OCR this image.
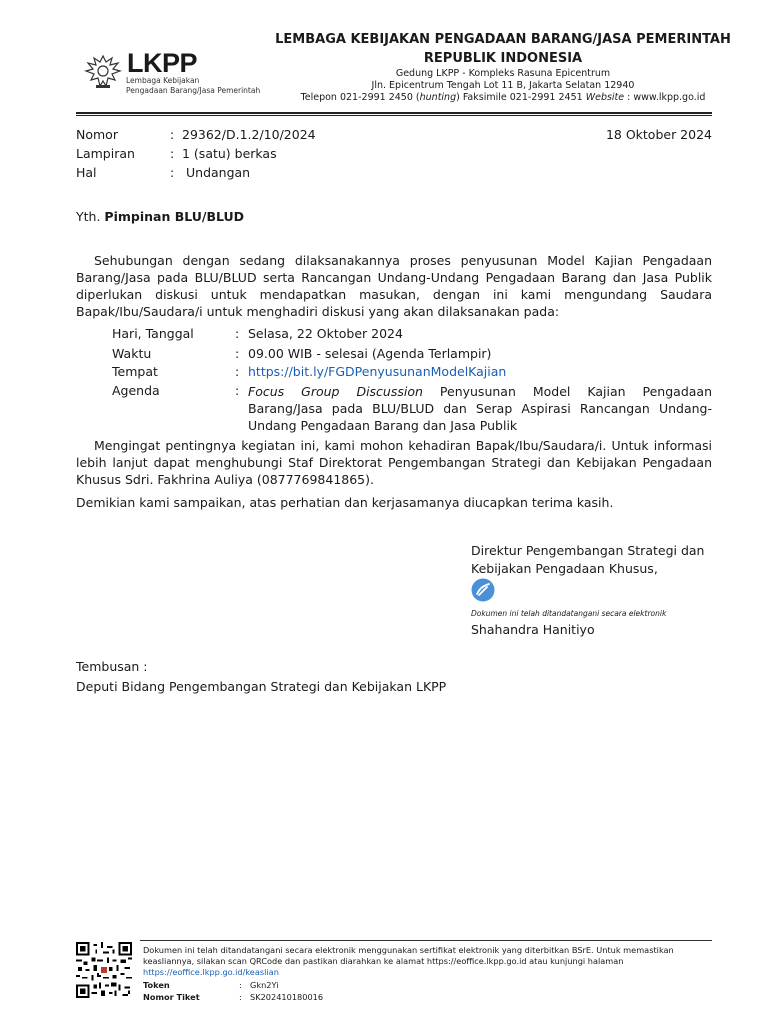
LKPP
Lembaga Kebijakan
Pengadaan Barang/Jasa Pemerintah
LEMBAGA KEBIJAKAN PENGADAAN BARANG/JASA PEMERINTAH
REPUBLIK INDONESIA
Gedung LKPP - Kompleks Rasuna Epicentrum
Jln. Epicentrum Tengah Lot 11 B, Jakarta Selatan 12940
Telepon 021-2991 2450 (hunting) Faksimile 021-2991 2451 Website : www.lkpp.go.id
Nomor	: 29362/D.1.2/10/2024	18 Oktober 2024
Lampiran	: 1 (satu) berkas
Hal	: Undangan
Yth. Pimpinan BLU/BLUD

Sehubungan dengan sedang dilaksanakannya proses penyusunan Model Kajian Pengadaan Barang/Jasa pada BLU/BLUD serta Rancangan Undang-Undang Pengadaan Barang dan Jasa Publik diperlukan diskusi untuk mendapatkan masukan, dengan ini kami mengundang Saudara Bapak/Ibu/Saudara/i untuk menghadiri diskusi yang akan dilaksanakan pada:

Hari, Tanggal	: Selasa, 22 Oktober 2024
Waktu	: 09.00 WIB - selesai (Agenda Terlampir)
Tempat	: https://bit.ly/FGDPenyusunanModelKajian
Agenda	: Focus Group Discussion Penyusunan Model Kajian Pengadaan Barang/Jasa pada BLU/BLUD dan Serap Aspirasi Rancangan Undang-Undang Pengadaan Barang dan Jasa Publik

Mengingat pentingnya kegiatan ini, kami mohon kehadiran Bapak/Ibu/Saudara/i. Untuk informasi lebih lanjut dapat menghubungi Staf Direktorat Pengembangan Strategi dan Kebijakan Pengadaan Khusus Sdri. Fakhrina Auliya (0877769841865).

Demikian kami sampaikan, atas perhatian dan kerjasamanya diucapkan terima kasih.
Direktur Pengembangan Strategi dan
Kebijakan Pengadaan Khusus,
Dokumen ini telah ditandatangani secara elektronik
Shahandra Hanitiyo
Tembusan :
Deputi Bidang Pengembangan Strategi dan Kebijakan LKPP
Dokumen ini telah ditandatangani secara elektronik menggunakan sertifikat elektronik yang diterbitkan BSrE. Untuk memastikan keasliannya, silakan scan QRCode dan pastikan diarahkan ke alamat https://eoffice.lkpp.go.id atau kunjungi halaman
https://eoffice.lkpp.go.id/keaslian
Token	: Gkn2Yi
Nomor Tiket	: SK202410180016
